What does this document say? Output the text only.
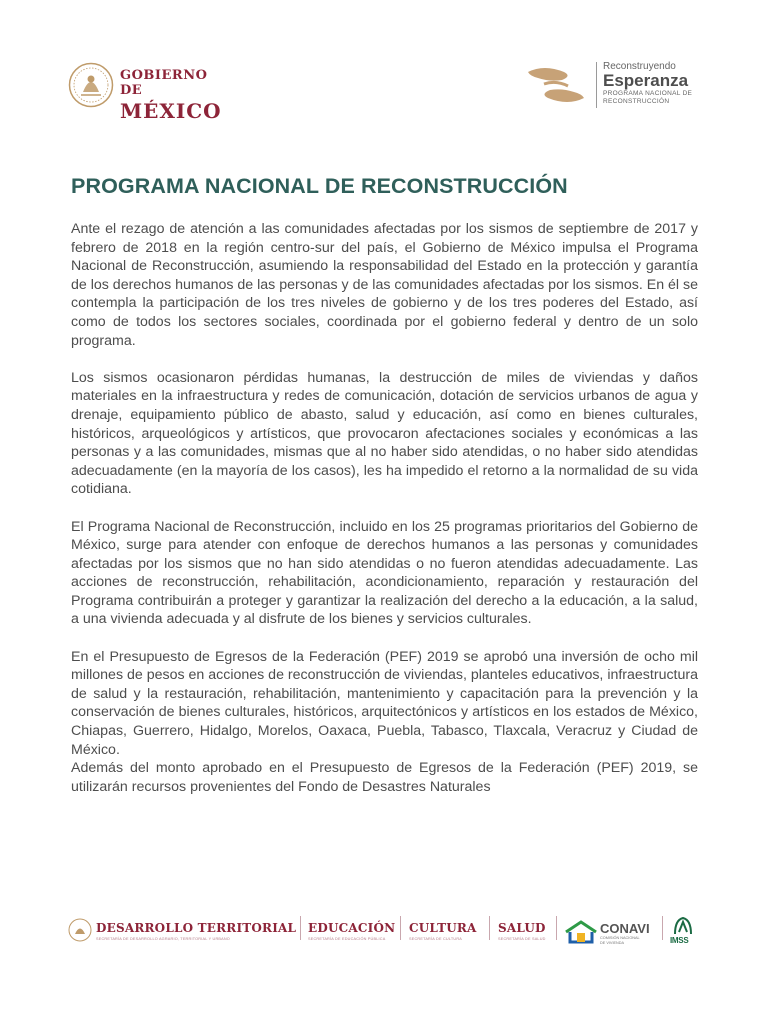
GOBIERNO DE
MÉXICO
Reconstruyendo
Esperanza
PROGRAMA NACIONAL DE
RECONSTRUCCIÓN
PROGRAMA NACIONAL DE RECONSTRUCCIÓN

Ante el rezago de atención a las comunidades afectadas por los sismos de septiembre de 2017 y febrero de 2018 en la región centro-sur del país, el Gobierno de México impulsa el Programa Nacional de Reconstrucción, asumiendo la responsabilidad del Estado en la protección y garantía de los derechos humanos de las personas y de las comunidades afectadas por los sismos. En él se contempla la participación de los tres niveles de gobierno y de los tres poderes del Estado, así como de todos los sectores sociales, coordinada por el gobierno federal y dentro de un solo programa.

Los sismos ocasionaron pérdidas humanas, la destrucción de miles de viviendas y daños materiales en la infraestructura y redes de comunicación, dotación de servicios urbanos de agua y drenaje, equipamiento público de abasto, salud y educación, así como en bienes culturales, históricos, arqueológicos y artísticos, que provocaron afectaciones sociales y económicas a las personas y a las comunidades, mismas que al no haber sido atendidas, o no haber sido atendidas adecuadamente (en la mayoría de los casos), les ha impedido el retorno a la normalidad de su vida cotidiana.

El Programa Nacional de Reconstrucción, incluido en los 25 programas prioritarios del Gobierno de México, surge para atender con enfoque de derechos humanos a las personas y comunidades afectadas por los sismos que no han sido atendidas o no fueron atendidas adecuadamente. Las acciones de reconstrucción, rehabilitación, acondicionamiento, reparación y restauración del Programa contribuirán a proteger y garantizar la realización del derecho a la educación, a la salud, a una vivienda adecuada y al disfrute de los bienes y servicios culturales.

En el Presupuesto de Egresos de la Federación (PEF) 2019 se aprobó una inversión de ocho mil millones de pesos en acciones de reconstrucción de viviendas, planteles educativos, infraestructura de salud y la restauración, rehabilitación, mantenimiento y capacitación para la prevención y la conservación de bienes culturales, históricos, arquitectónicos y artísticos en los estados de México, Chiapas, Guerrero, Hidalgo, Morelos, Oaxaca, Puebla, Tabasco, Tlaxcala, Veracruz y Ciudad de México.

Además del monto aprobado en el Presupuesto de Egresos de la Federación (PEF) 2019, se utilizarán recursos provenientes del Fondo de Desastres Naturales

DESARROLLO TERRITORIAL
SECRETARÍA DE DESARROLLO AGRARIO, TERRITORIAL Y URBANO
EDUCACIÓN
SECRETARÍA DE EDUCACIÓN PÚBLICA
CULTURA
SECRETARÍA DE CULTURA
SALUD
SECRETARÍA DE SALUD
CONAVI
COMISIÓN NACIONAL
DE VIVIENDA	IMSS
